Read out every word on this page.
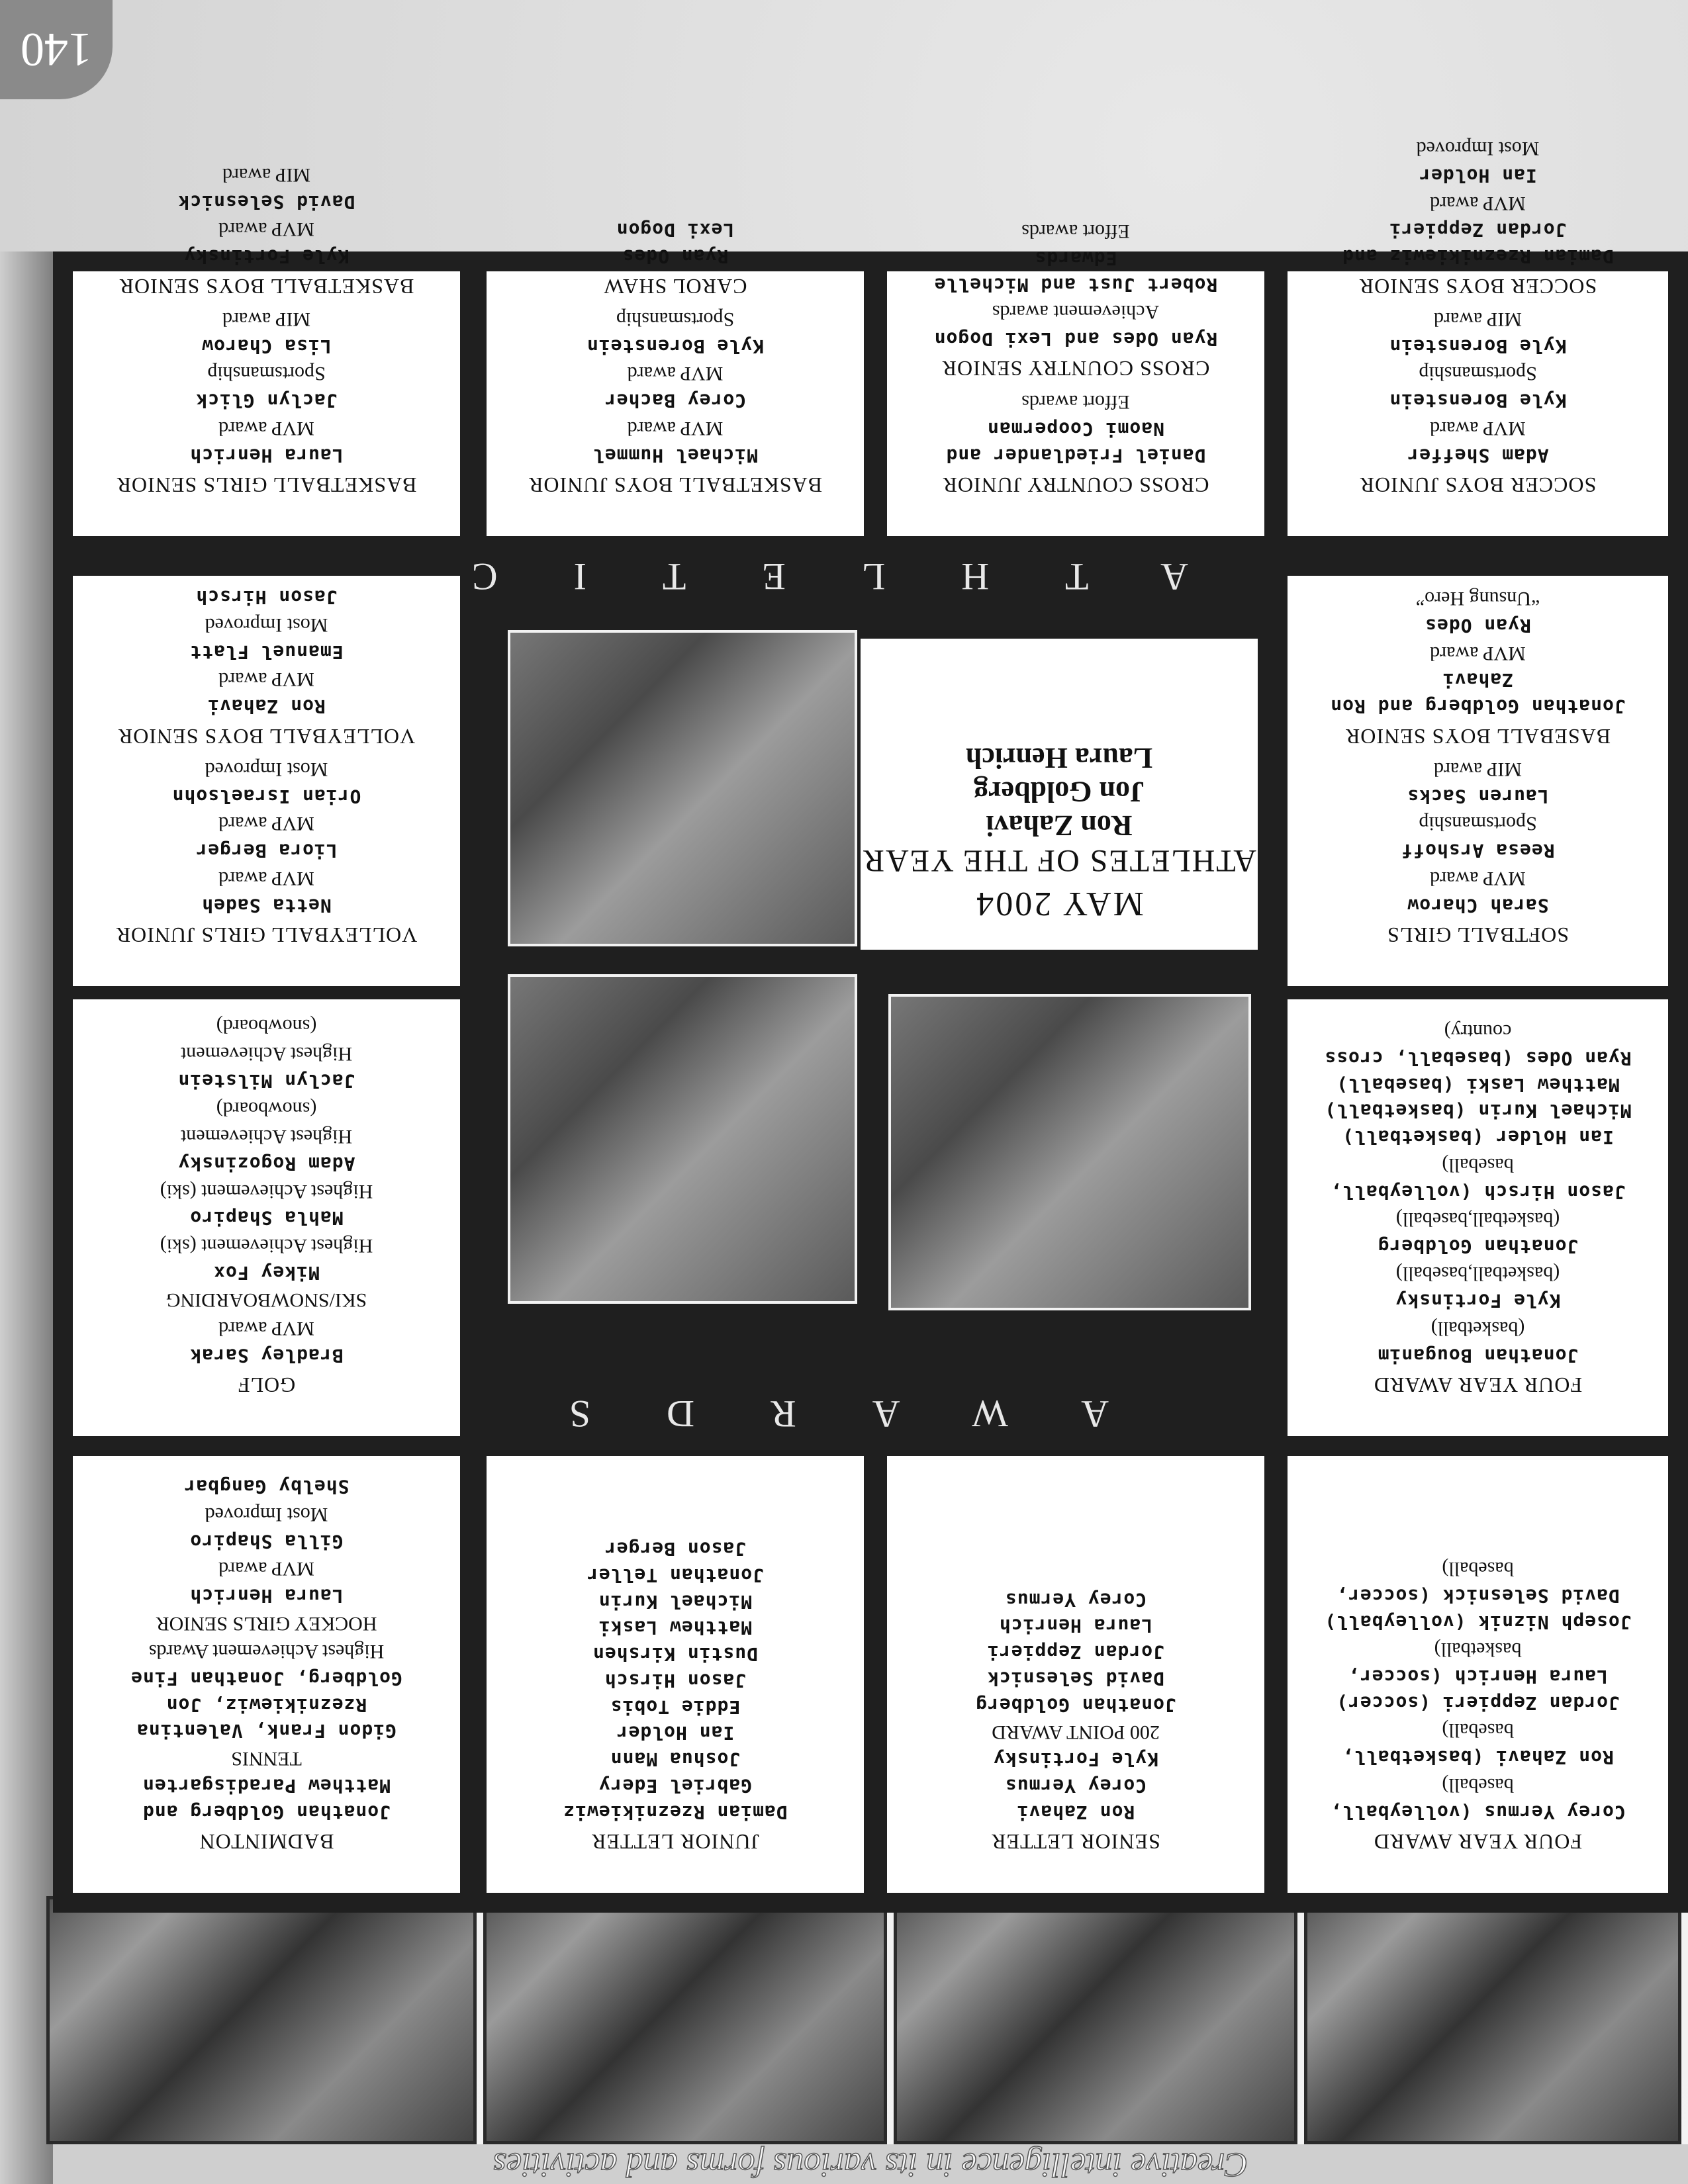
Creative intelligence in its various forms and activities
140
BADMINTON
Jonathan Goldberg and
Matthew Paradisgarten
TENNIS
Gidon Frank, Valentina
Rzeznikiewiz, Jon
Goldberg, Jonathan Fine
Highest Achievement Awards
HOCKEY GIRLS SENIOR
Laura Henrich
MVP award
Gilla Shapiro
Most Improved
Shelby Gangbar
JUNIOR LETTER
Damian Rzeznikiewiz
Gabriel Edery
Joshua Mann
Ian Holder
Eddie Tobis
Jason Hirsch
Dustin Kirshen
Matthew Laski
Michael Kurin
Jonathan Teller
Jason Berger
SENIOR LETTER
Ron Zahavi
Corey Yermus
Kyle Fortinsky
200 POINT AWARD
Jonathan Goldberg
David Selesnick
Jordan Zeppieri
Laura Henrich
Corey Yermus
FOUR YEAR AWARD
Corey Yermus (volleyball,
baseball)
Ron Zahavi (basketball,
baseball)
Jordan Zeppieri (soccer)
Laura Henrich (soccer,
basketball)
Joseph Niznik (volleyball)
David Selesnick (soccer,
baseball)
GOLF
Bradley Sarak
MVP award
SKI/SNOWBOARDING
Mikey Fox
Highest Achievement (ski)
Mahla Shapiro
Highest Achievement (ski)
Adam Rogozinsky
Highest Achievement
(snowboard)
Jaclyn Milstein
Highest Achievement
(snowboard)
FOUR YEAR AWARD
Jonathan Bouganim
(basketball)
Kyle Fortinsky
(basketball,baseball)
Jonathan Goldberg
(basketball,baseball)
Jason Hirsch (volleyball,
baseball)
Ian Holder (basketball)
Michael Kurin (basketball)
Matthew Laski (baseball)
Ryan Odes (baseball, cross
country)
VOLLEYBALL GIRLS JUNIOR
Netta Sadeh
MVP award
Liora Berger
MVP award
Orian Israelsohn
Most Improved
VOLLEYBALL BOYS SENIOR
Ron Zahavi
MVP award
Emanuel Flatt
Most Improved
Jason Hirsch
SOFTBALL GIRLS
Sarah Charow
MVP award
Reesa Arshoff
Sportsmanship
Lauren Sacks
MIP award
BASEBALL BOYS SENIOR
Jonathan Goldberg and Ron
Zahavi
MVP award
Ryan Odes
“Unsung Hero”
BASKETBALL GIRLS SENIOR
Laura Henrich
MVP award
Jaclyn Glick
Sportsmanship
Lisa Charow
MIP award
BASKETBALL BOYS SENIOR
Kyle Fortinsky
MVP award
David Selesnick
MIP award
BASKETBALL BOYS JUNIOR
Michael Hummel
MVP award
Corey Bacher
MVP award
Kyle Borenstein
Sportsmanship
CAROL SHAW
Ryan Odes
Lexi Dogon
CROSS COUNTRY JUNIOR
Daniel Friedlander and
Naomi Cooperman
Effort awards
CROSS COUNTRY SENIOR
Ryan Odes and Lexi Dogon
Achievement awards
Robert Just and Michelle
Edwards
Effort awards
SOCCER BOYS JUNIOR
Adam Sheffer
MVP award
Kyle Borenstein
Sportsmanship
Kyle Borenstein
MIP award
SOCCER BOYS SENIOR
Damian Rzeznikiewiz and
Jordan Zeppieri
MVP award
Ian Holder
Most Improved
MAY 2004
ATHLETES OF THE YEAR
Ron Zahavi
Jon Goldberg
Laura Henrich
ATHLETIC
AWARDS
